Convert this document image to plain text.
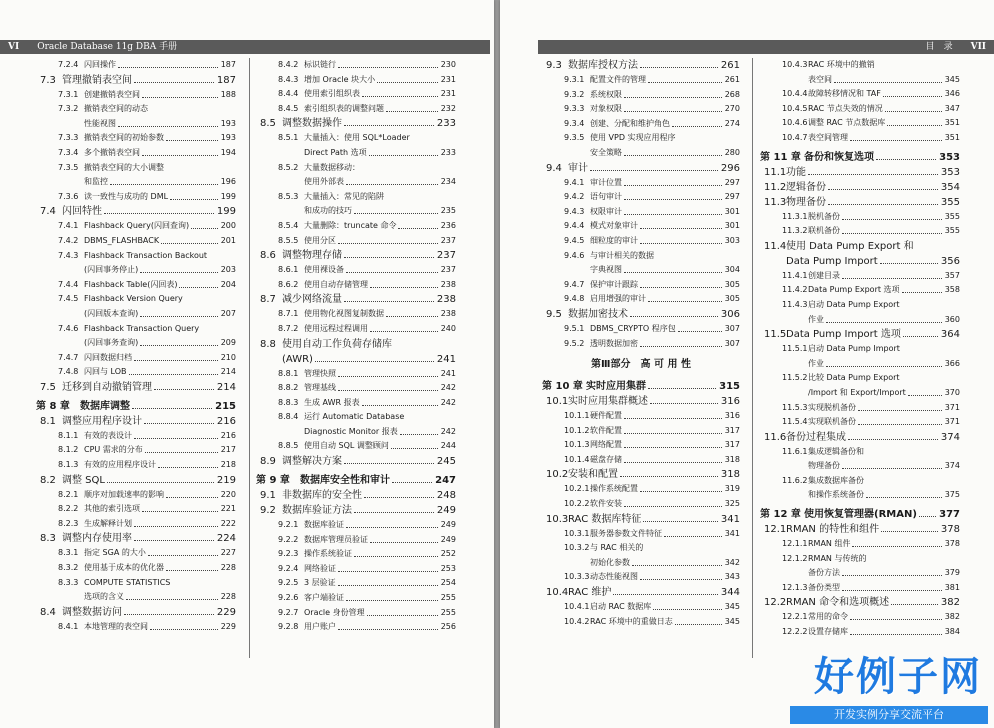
VI Oracle Database 11g DBA 手册
7.2.4 闪回操作	187
7.3 管理撤销表空间	187
7.3.1 创建撤销表空间	188
7.3.2 撤销表空间的动态
性能视图	193
7.3.3 撤销表空间的初始参数	193
7.3.4 多个撤销表空间	194
7.3.5 撤销表空间的大小调整
和监控	196
7.3.6 读一致性与成功的 DML	199
7.4 闪回特性	199
7.4.1 Flashback Query(闪回查询)	200
7.4.2 DBMS_FLASHBACK	201
7.4.3 Flashback Transaction Backout
(闪回事务停止)	203
7.4.4 Flashback Table(闪回表)	204
7.4.5 Flashback Version Query
(闪回版本查询)	207
7.4.6 Flashback Transaction Query
(闪回事务查询)	209
7.4.7 闪回数据归档	210
7.4.8 闪回与 LOB	214
7.5 迁移到自动撤销管理	214
第 8 章 数据库调整	215
8.1 调整应用程序设计	216
8.1.1 有效的表设计	216
8.1.2 CPU 需求的分布	217
8.1.3 有效的应用程序设计	218
8.2 调整 SQL	219
8.2.1 顺序对加载速率的影响	220
8.2.2 其他的索引选项	221
8.2.3 生成解释计划	222
8.3 调整内存使用率	224
8.3.1 指定 SGA 的大小	227
8.3.2 使用基于成本的优化器	228
8.3.3 COMPUTE STATISTICS
选项的含义	228
8.4 调整数据访问	229
8.4.1 本地管理的表空间	229
8.4.2 标识链行	230
8.4.3 增加 Oracle 块大小	231
8.4.4 使用索引组织表	231
8.4.5 索引组织表的调整问题	232
8.5 调整数据操作	233
8.5.1 大量插入：使用 SQL*Loader
Direct Path 选项	233
8.5.2 大量数据移动：
使用外部表	234
8.5.3 大量插入：常见的陷阱
和成功的技巧	235
8.5.4 大量删除：truncate 命令	236
8.5.5 使用分区	237
8.6 调整物理存储	237
8.6.1 使用裸设备	237
8.6.2 使用自动存储管理	238
8.7 减少网络流量	238
8.7.1 使用物化视图复制数据	238
8.7.2 使用远程过程调用	240
8.8 使用自动工作负荷存储库
(AWR)	241
8.8.1 管理快照	241
8.8.2 管理基线	242
8.8.3 生成 AWR 报表	242
8.8.4 运行 Automatic Database
Diagnostic Monitor 报表	242
8.8.5 使用自动 SQL 调整顾问	244
8.9 调整解决方案	245
第 9 章 数据库安全性和审计	247
9.1 非数据库的安全性	248
9.2 数据库验证方法	249
9.2.1 数据库验证	249
9.2.2 数据库管理员验证	249
9.2.3 操作系统验证	252
9.2.4 网络验证	253
9.2.5 3 层验证	254
9.2.6 客户端验证	255
9.2.7 Oracle 身份管理	255
9.2.8 用户账户	256
目　录 VII
9.3 数据库授权方法	261
9.3.1 配置文件的管理	261
9.3.2 系统权限	268
9.3.3 对象权限	270
9.3.4 创建、分配和维护角色	274
9.3.5 使用 VPD 实现应用程序
安全策略	280
9.4 审计	296
9.4.1 审计位置	297
9.4.2 语句审计	297
9.4.3 权限审计	301
9.4.4 模式对象审计	301
9.4.5 细粒度的审计	303
9.4.6 与审计相关的数据
字典视图	304
9.4.7 保护审计跟踪	305
9.4.8 启用增强的审计	305
9.5 数据加密技术	306
9.5.1 DBMS_CRYPTO 程序包	307
9.5.2 透明数据加密	307
第Ⅲ部分　高 可 用 性
第 10 章 实时应用集群	315
10.1 实时应用集群概述	316
10.1.1 硬件配置	316
10.1.2 软件配置	317
10.1.3 网络配置	317
10.1.4 磁盘存储	318
10.2 安装和配置	318
10.2.1 操作系统配置	319
10.2.2 软件安装	325
10.3 RAC 数据库特征	341
10.3.1 服务器参数文件特征	341
10.3.2 与 RAC 相关的
初始化参数	342
10.3.3 动态性能视图	343
10.4 RAC 维护	344
10.4.1 启动 RAC 数据库	345
10.4.2 RAC 环境中的重做日志	345
10.4.3 RAC 环境中的撤销
表空间	345
10.4.4 故障转移情况和 TAF	346
10.4.5 RAC 节点失效的情况	347
10.4.6 调整 RAC 节点数据库	351
10.4.7 表空间管理	351
第 11 章 备份和恢复选项	353
11.1 功能	353
11.2 逻辑备份	354
11.3 物理备份	355
11.3.1 脱机备份	355
11.3.2 联机备份	355
11.4 使用 Data Pump Export 和
Data Pump Import	356
11.4.1 创建目录	357
11.4.2 Data Pump Export 选项	358
11.4.3 启动 Data Pump Export
作业	360
11.5 Data Pump Import 选项	364
11.5.1 启动 Data Pump Import
作业	366
11.5.2 比较 Data Pump Export
/Import 和 Export/Import	370
11.5.3 实现脱机备份	371
11.5.4 实现联机备份	371
11.6 备份过程集成	374
11.6.1 集成逻辑备份和
物理备份	374
11.6.2 集成数据库备份
和操作系统备份	375
第 12 章 使用恢复管理器(RMAN) 377
12.1 RMAN 的特性和组件	378
12.1.1 RMAN 组件	378
12.1.2 RMAN 与传统的
备份方法	379
12.1.3 备份类型	381
12.2 RMAN 命令和选项概述	382
12.2.1 常用的命令	382
12.2.2 设置存储库	384
好例子网
开发实例分享交流平台
